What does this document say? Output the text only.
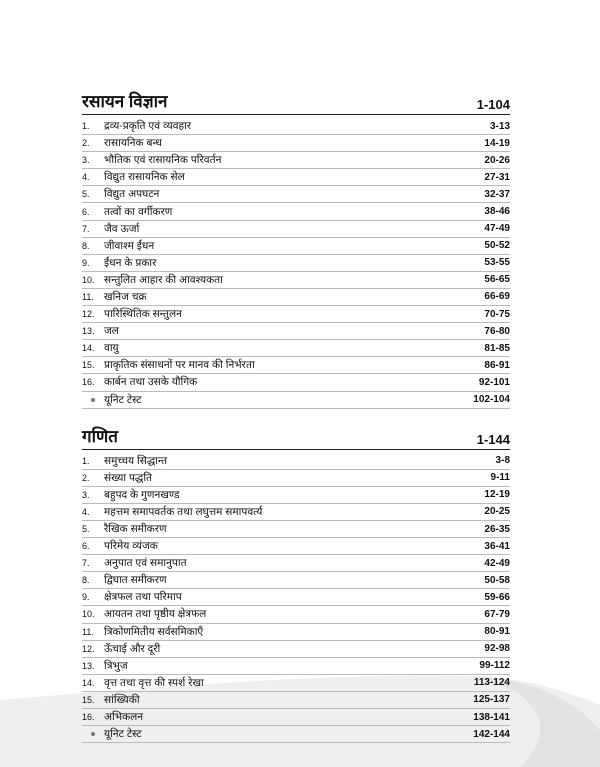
रसायन विज्ञान	1-104
1.	द्रव्य-प्रकृति एवं व्यवहार	3-13
2.	रासायनिक बन्ध	14-19
3.	भौतिक एवं रासायनिक परिवर्तन	20-26
4.	विद्युत रासायनिक सेल	27-31
5.	विद्युत अपघटन	32-37
6.	तत्वों का वर्गीकरण	38-46
7.	जैव ऊर्जा	47-49
8.	जीवाश्म ईंधन	50-52
9.	ईंधन के प्रकार	53-55
10. सन्तुलित आहार की आवश्यकता	56-65
11. खनिज चक्र	66-69
12. पारिस्थितिक सन्तुलन	70-75
13. जल	76-80
14. वायु	81-85
15. प्राकृतिक संसाधनों पर मानव की निर्भरता	86-91
16. कार्बन तथा उसके यौगिक	92-101
यूनिट टेस्ट	102-104
गणित	1-144
1.	समुच्चय सिद्धान्त	3-8
2.	संख्या पद्धति	9-11
3.	बहुपद के गुणनखण्ड	12-19
4.	महत्तम समापवर्तक तथा लघुत्तम समापवर्त्य	20-25
5.	रैखिक समीकरण	26-35
6.	परिमेय व्यंजक	36-41
7.	अनुपात एवं समानुपात	42-49
8.	द्विघात समीकरण	50-58
9.	क्षेत्रफल तथा परिमाप	59-66
10. आयतन तथा पृष्ठीय क्षेत्रफल	67-79
11. त्रिकोणमितीय सर्वसमिकाएँ	80-91
12. ऊँचाई और दूरी	92-98
13. त्रिभुज	99-112
14. वृत्त तथा वृत्त की स्पर्श रेखा	113-124
15. सांख्यिकी	125-137
16. अभिकलन	138-141
यूनिट टेस्ट	142-144
